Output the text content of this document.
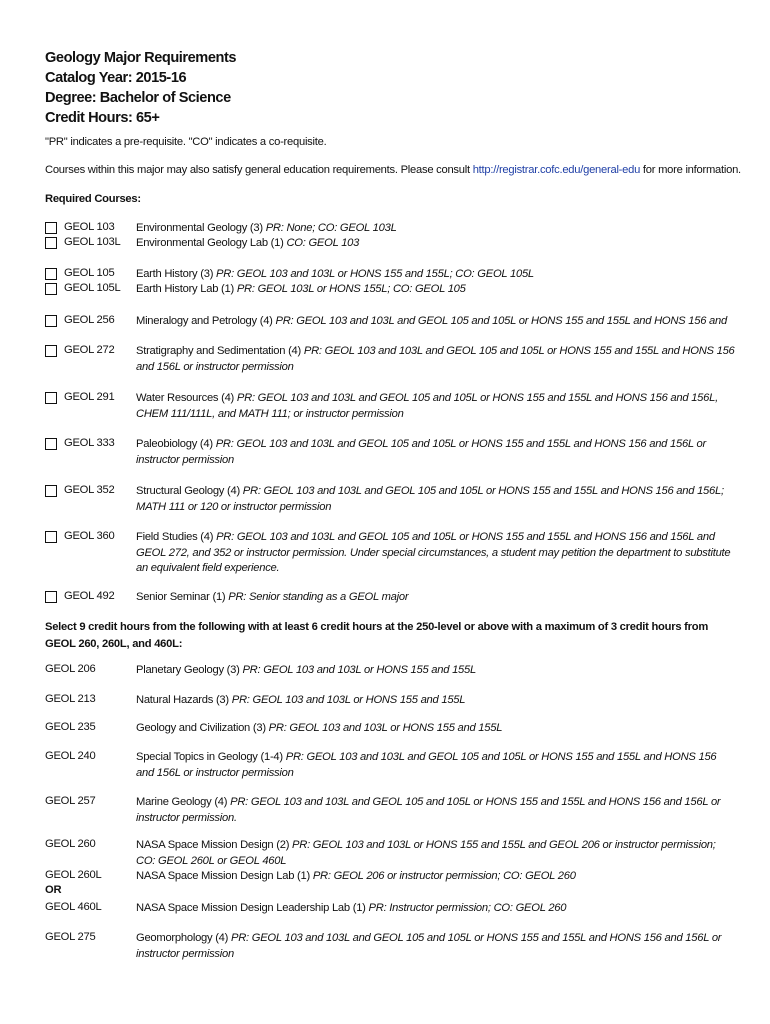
Geology Major Requirements
Catalog Year: 2015-16
Degree: Bachelor of Science
Credit Hours: 65+
"PR" indicates a pre-requisite. "CO" indicates a co-requisite.
Courses within this major may also satisfy general education requirements. Please consult http://registrar.cofc.edu/general-edu for more information.
Required Courses:
GEOL 103 Environmental Geology (3) PR: None; CO: GEOL 103L
GEOL 103L Environmental Geology Lab (1) CO: GEOL 103
GEOL 105 Earth History (3) PR: GEOL 103 and 103L or HONS 155 and 155L; CO: GEOL 105L
GEOL 105L Earth History Lab (1) PR: GEOL 103L or HONS 155L; CO: GEOL 105
GEOL 256 Mineralogy and Petrology (4) PR: GEOL 103 and 103L and GEOL 105 and 105L or HONS 155 and 155L and HONS 156 and
GEOL 272 Stratigraphy and Sedimentation (4) PR: GEOL 103 and 103L and GEOL 105 and 105L or HONS 155 and 155L and HONS 156 and 156L or instructor permission
GEOL 291 Water Resources (4) PR: GEOL 103 and 103L and GEOL 105 and 105L or HONS 155 and 155L and HONS 156 and 156L, CHEM 111/111L, and MATH 111; or instructor permission
GEOL 333 Paleobiology (4) PR: GEOL 103 and 103L and GEOL 105 and 105L or HONS 155 and 155L and HONS 156 and 156L or instructor permission
GEOL 352 Structural Geology (4) PR: GEOL 103 and 103L and GEOL 105 and 105L or HONS 155 and 155L and HONS 156 and 156L; MATH 111 or 120 or instructor permission
GEOL 360 Field Studies (4) PR: GEOL 103 and 103L and GEOL 105 and 105L or HONS 155 and 155L and HONS 156 and 156L and GEOL 272, and 352 or instructor permission. Under special circumstances, a student may petition the department to substitute an equivalent field experience.
GEOL 492 Senior Seminar (1) PR: Senior standing as a GEOL major
Select 9 credit hours from the following with at least 6 credit hours at the 250-level or above with a maximum of 3 credit hours from GEOL 260, 260L, and 460L:
GEOL 206	Planetary Geology (3) PR: GEOL 103 and 103L or HONS 155 and 155L
GEOL 213	Natural Hazards (3) PR: GEOL 103 and 103L or HONS 155 and 155L
GEOL 235	Geology and Civilization (3) PR: GEOL 103 and 103L or HONS 155 and 155L
GEOL 240	Special Topics in Geology (1-4) PR: GEOL 103 and 103L and GEOL 105 and 105L or HONS 155 and 155L and HONS 156 and 156L or instructor permission
GEOL 257	Marine Geology (4) PR: GEOL 103 and 103L and GEOL 105 and 105L or HONS 155 and 155L and HONS 156 and 156L or instructor permission.
GEOL 260	NASA Space Mission Design (2) PR: GEOL 103 and 103L or HONS 155 and 155L and GEOL 206 or instructor permission; CO: GEOL 260L or GEOL 460L
GEOL 260L	NASA Space Mission Design Lab (1) PR: GEOL 206 or instructor permission; CO: GEOL 260
OR
GEOL 460L	NASA Space Mission Design Leadership Lab (1) PR: Instructor permission; CO: GEOL 260
GEOL 275	Geomorphology (4) PR: GEOL 103 and 103L and GEOL 105 and 105L or HONS 155 and 155L and HONS 156 and 156L or instructor permission
